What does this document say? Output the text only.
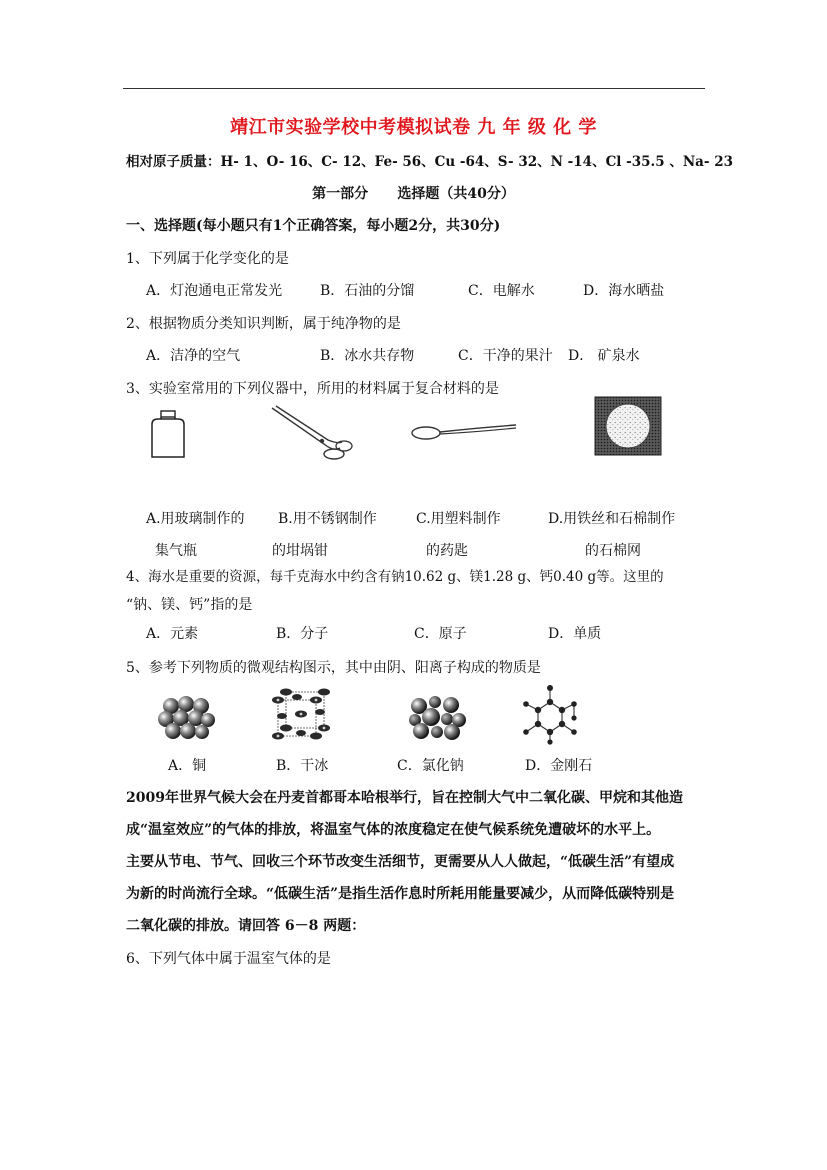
靖江市实验学校中考模拟试卷 九 年 级 化 学
相对原子质量：H- 1、O- 16、C- 12、Fe- 56、Cu -64、S- 32、N -14、Cl -35.5 、Na- 23
第一部分      选择题（共40分）
一、选择题(每小题只有1个正确答案，每小题2分，共30分)
1、下列属于化学变化的是
A．灯泡通电正常发光	B．石油的分馏	C．电解水	D．海水晒盐
2、根据物质分类知识判断，属于纯净物的是
A．洁净的空气	B．冰水共存物	C．干净的果汁 D． 矿泉水
3、实验室常用的下列仪器中，所用的材料属于复合材料的是
A.用玻璃制作的 B.用不锈钢制作	C.用塑料制作	D.用铁丝和石棉制作
集气瓶	的坩埚钳	的药匙	的石棉网
4、海水是重要的资源，每千克海水中约含有钠10.62 g、镁1.28 g、钙0.40 g等。这里的
“钠、镁、钙”指的是
A．元素	B．分子	C．原子	D．单质
5、参考下列物质的微观结构图示，其中由阴、阳离子构成的物质是
A．铜	B．干冰	C．氯化钠	D．金刚石
2009年世界气候大会在丹麦首都哥本哈根举行，旨在控制大气中二氧化碳、甲烷和其他造
成“温室效应”的气体的排放，将温室气体的浓度稳定在使气候系统免遭破坏的水平上。
主要从节电、节气、回收三个环节改变生活细节，更需要从人人做起，“低碳生活”有望成
为新的时尚流行全球。“低碳生活”是指生活作息时所耗用能量要减少，从而降低碳特别是
二氧化碳的排放。请回答 6－8 两题：
6、下列气体中属于温室气体的是
